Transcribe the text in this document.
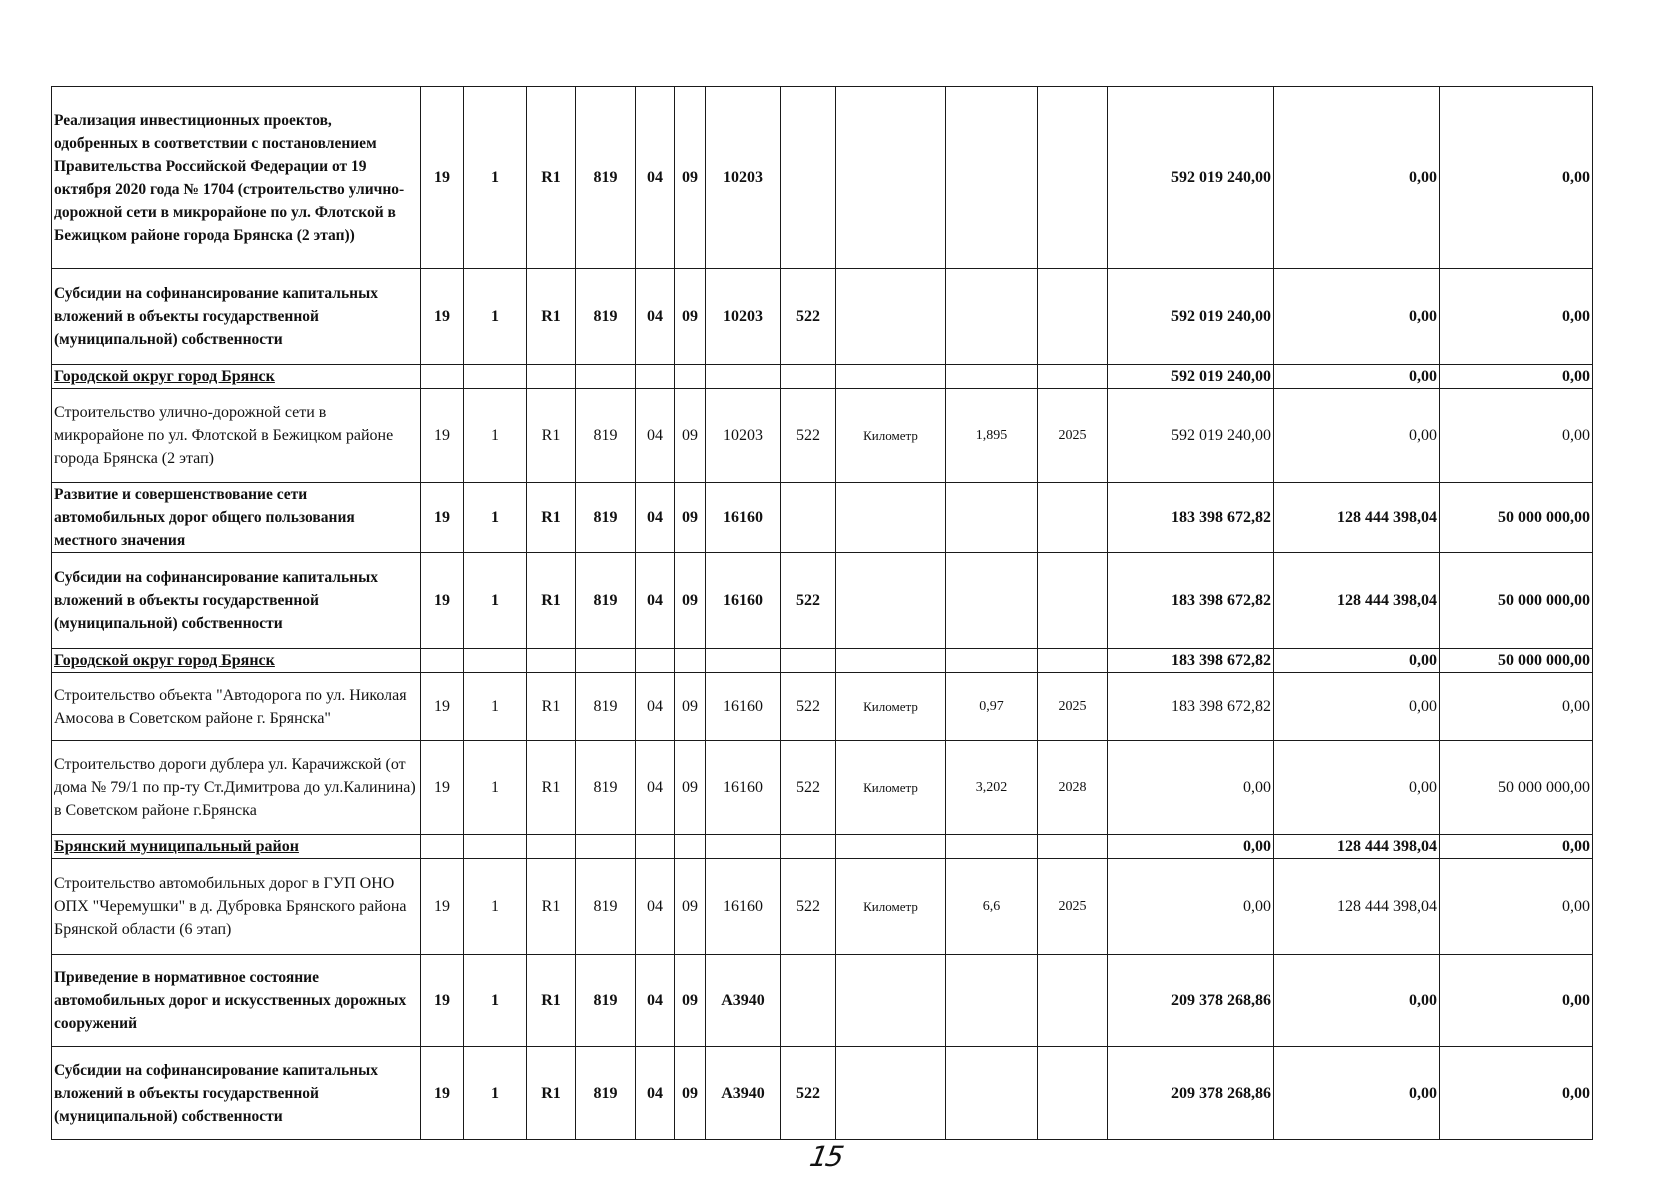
Реализация инвестиционных проектов, одобренных в соответствии с постановлением Правительства Российской Федерации от 19 октября 2020 года № 1704 (строительство улично-дорожной сети в микрорайоне по ул. Флотской в Бежицком районе города Брянска (2 этап))	19	1	R1	819	04	09	10203					592 019 240,00	0,00	0,00
Субсидии на софинансирование капитальных вложений в объекты государственной (муниципальной) собственности	19	1	R1	819	04	09	10203	522				592 019 240,00	0,00	0,00
Городской округ город Брянск												592 019 240,00	0,00	0,00
Строительство улично-дорожной сети в микрорайоне по ул. Флотской в Бежицком районе города Брянска (2 этап)	19	1	R1	819	04	09	10203	522	Километр	1,895	2025	592 019 240,00	0,00	0,00
Развитие и совершенствование сети автомобильных дорог общего пользования местного значения	19	1	R1	819	04	09	16160					183 398 672,82	128 444 398,04	50 000 000,00
Субсидии на софинансирование капитальных вложений в объекты государственной (муниципальной) собственности	19	1	R1	819	04	09	16160	522				183 398 672,82	128 444 398,04	50 000 000,00
Городской округ город Брянск												183 398 672,82	0,00	50 000 000,00
Строительство объекта "Автодорога по ул. Николая Амосова в Советском районе г. Брянска"	19	1	R1	819	04	09	16160	522	Километр	0,97	2025	183 398 672,82	0,00	0,00
Строительство дороги дублера ул. Карачижской (от дома № 79/1 по пр-ту Ст.Димитрова до ул.Калинина) в Советском районе г.Брянска	19	1	R1	819	04	09	16160	522	Километр	3,202	2028	0,00	0,00	50 000 000,00
Брянский муниципальный район												0,00	128 444 398,04	0,00
Строительство автомобильных дорог в ГУП ОНО ОПХ "Черемушки" в д. Дубровка Брянского района Брянской области (6 этап)	19	1	R1	819	04	09	16160	522	Километр	6,6	2025	0,00	128 444 398,04	0,00
Приведение в нормативное состояние автомобильных дорог и искусственных дорожных сооружений	19	1	R1	819	04	09	А3940					209 378 268,86	0,00	0,00
Субсидии на софинансирование капитальных вложений в объекты государственной (муниципальной) собственности	19	1	R1	819	04	09	А3940	522				209 378 268,86	0,00	0,00
15
